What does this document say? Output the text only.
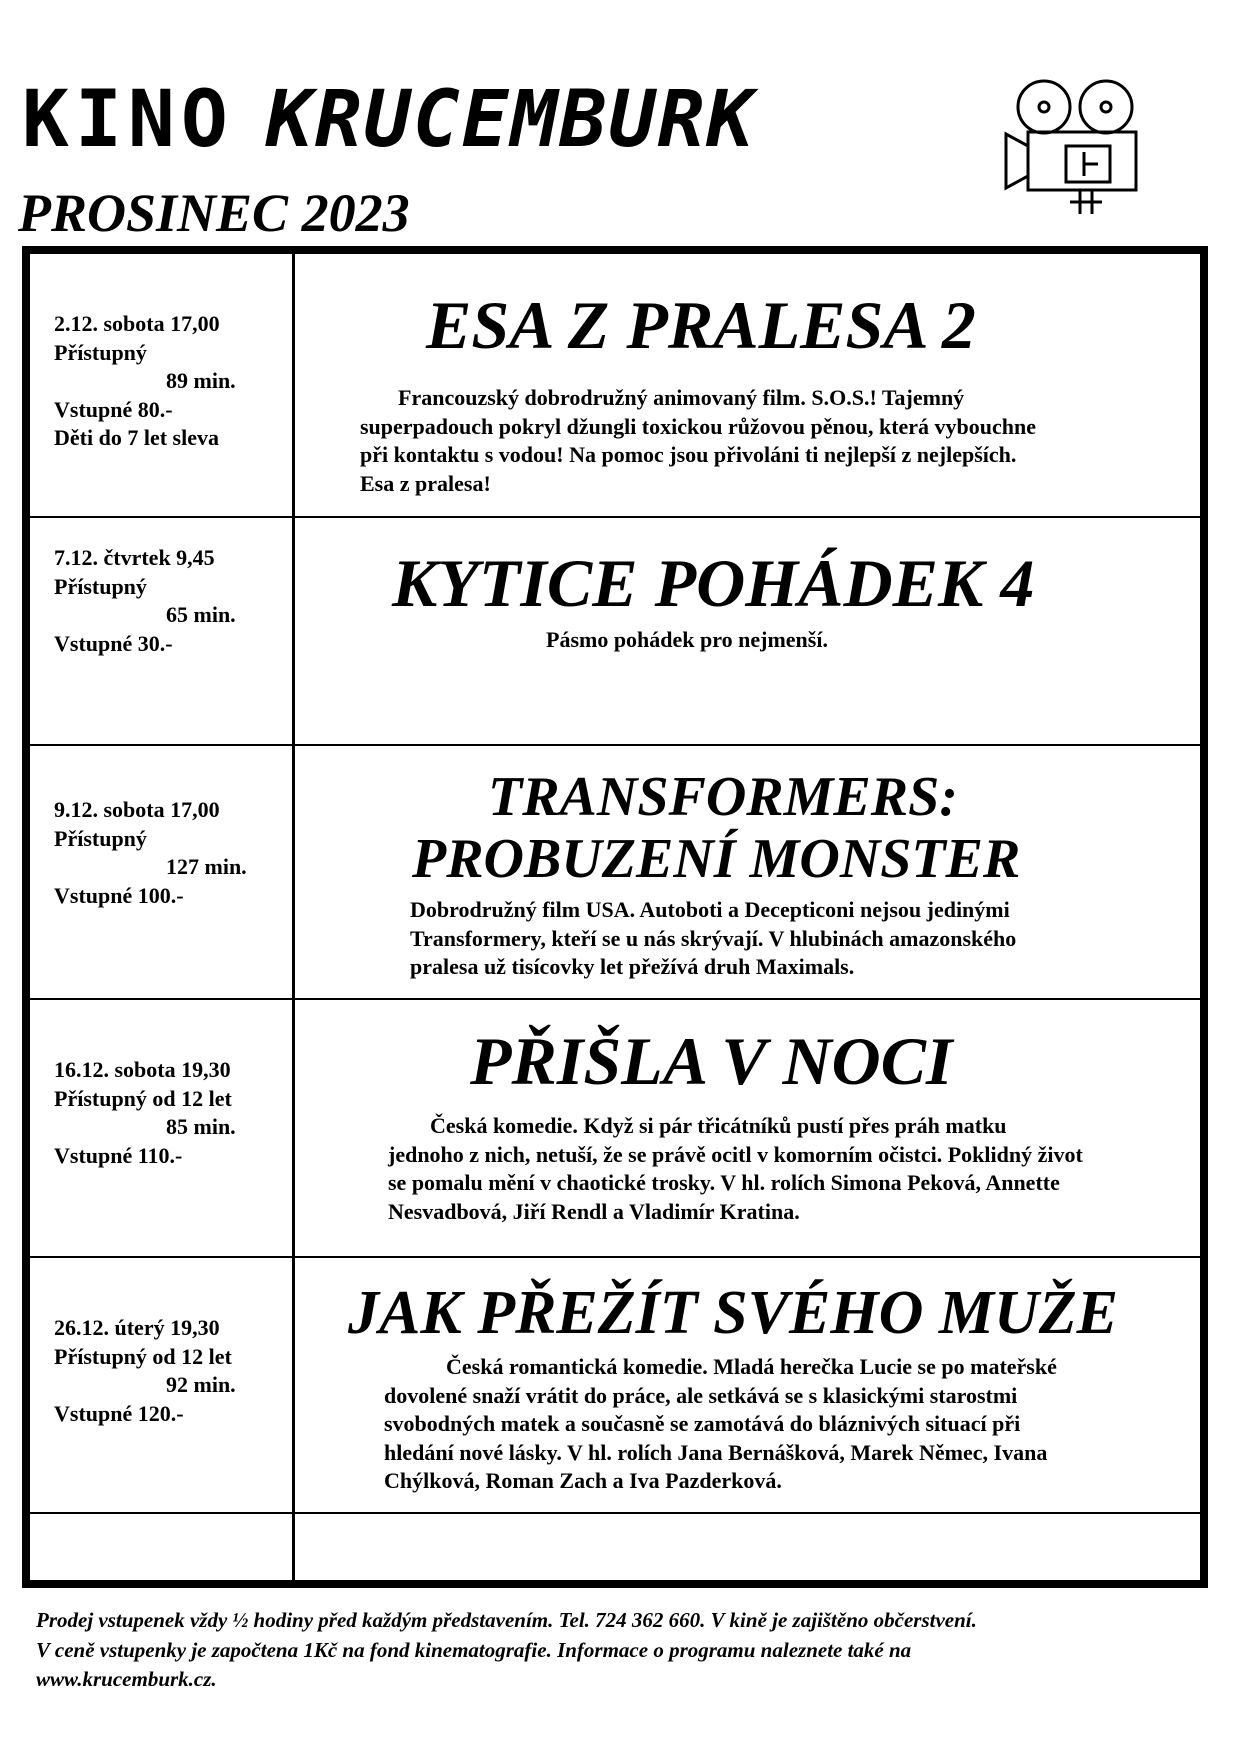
KINO KRUCEMBURK
PROSINEC 2023
2.12. sobota 17,00
Přístupný
89 min.
Vstupné 80.-
Děti do 7 let sleva
ESA Z PRALESA 2
Francouzský dobrodružný animovaný film. S.O.S.! Tajemný
superpadouch pokryl džungli toxickou růžovou pěnou, která vybouchne
při kontaktu s vodou! Na pomoc jsou přivoláni ti nejlepší z nejlepších.
Esa z pralesa!
7.12. čtvrtek 9,45
Přístupný
65 min.
Vstupné 30.-
KYTICE POHÁDEK 4
Pásmo pohádek pro nejmenší.
9.12. sobota 17,00
Přístupný
127 min.
Vstupné 100.-
TRANSFORMERS:
PROBUZENÍ MONSTER
Dobrodružný film USA. Autoboti a Decepticoni nejsou jedinými
Transformery, kteří se u nás skrývají. V hlubinách amazonského
pralesa už tisícovky let přežívá druh Maximals.
16.12. sobota 19,30
Přístupný od 12 let
85 min.
Vstupné 110.-
PŘIŠLA V NOCI
Česká komedie. Když si pár třicátníků pustí přes práh matku
jednoho z nich, netuší, že se právě ocitl v komorním očistci. Poklidný život
se pomalu mění v chaotické trosky. V hl. rolích Simona Peková, Annette
Nesvadbová, Jiří Rendl a Vladimír Kratina.
26.12. úterý 19,30
Přístupný od 12 let
92 min.
Vstupné 120.-
JAK PŘEŽÍT SVÉHO MUŽE
Česká romantická komedie. Mladá herečka Lucie se po mateřské
dovolené snaží vrátit do práce, ale setkává se s klasickými starostmi
svobodných matek a současně se zamotává do bláznivých situací při
hledání nové lásky. V hl. rolích Jana Bernášková, Marek Němec, Ivana
Chýlková, Roman Zach a Iva Pazderková.
Prodej vstupenek vždy ½ hodiny před každým představením. Tel. 724 362 660. V kině je zajištěno občerstvení.
V ceně vstupenky je započtena 1Kč na fond kinematografie. Informace o programu naleznete také na
www.krucemburk.cz.
